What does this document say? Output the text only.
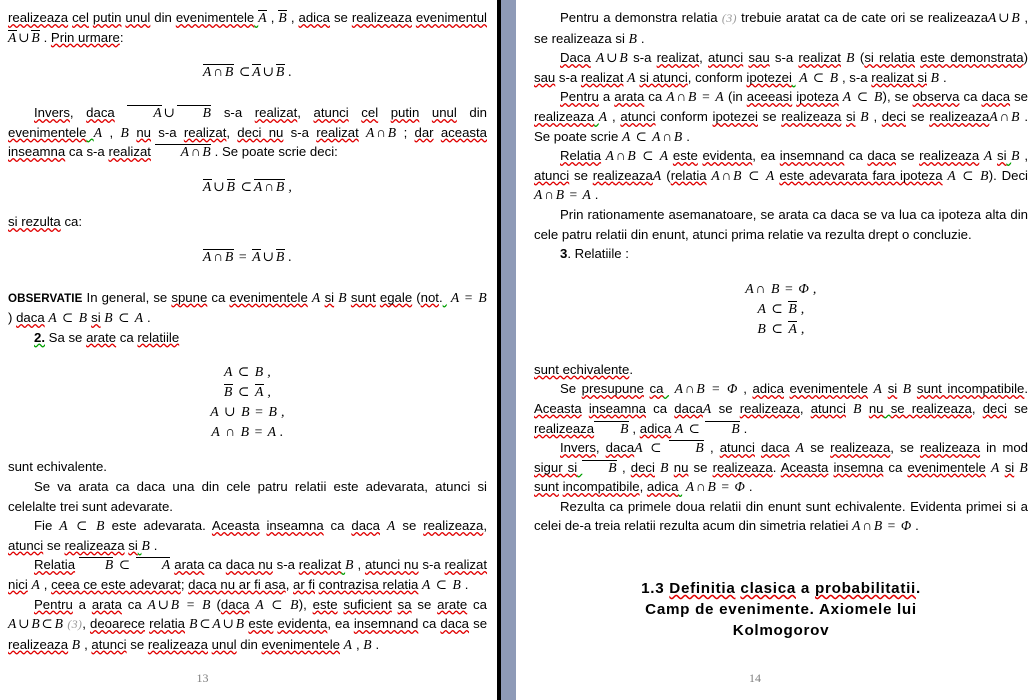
realizeaza cel putin unul din evenimentele A , B , adica se realizeaza evenimentul A ∪ B . Prin urmare:

A ∩ B ⊂ A ∪ B .

Invers, daca	A ∪ B s-a realizat, atunci cel putin unul din evenimentele A , B nu s-a realizat, deci nu s-a realizat A ∩ B ; dar aceasta inseamna ca s-a realizat A ∩ B . Se poate scrie deci:

A ∪ B ⊂ A ∩ B ,

si rezulta ca:

A ∩ B = A ∪ B .

OBSERVATIE In general, se spune ca evenimentele A si B sunt egale (not. A = B ) daca A ⊂ B si B ⊂ A .

2. Sa se arate ca relatiile

A ⊂ B ,
B ⊂ A ,
A ∪ B = B ,
A ∩ B = A .

sunt echivalente.

Se va arata ca daca una din cele patru relatii este adevarata, atunci si celelalte trei sunt adevarate.

Fie A ⊂ B este adevarata. Aceasta inseamna ca daca A se realizeaza, atunci se realizeaza si B .

Relatia B ⊂ A arata ca daca nu s-a realizat B , atunci nu s-a realizat nici A , ceea ce este adevarat; daca nu ar fi asa, ar fi contrazisa relatia A ⊂ B .

Pentru a arata ca A ∪ B = B (daca A ⊂ B), este suficient sa se arate ca A ∪ B ⊂ B (3), deoarece relatia B ⊂ A ∪ B este evidenta, ea insemnand ca daca se realizeaza B , atunci se realizeaza unul din evenimentele A , B .

13

Pentru a demonstra relatia (3) trebuie aratat ca de cate ori se realizeazaA ∪ B , se realizeaza si B .

Daca A ∪ B s-a realizat, atunci sau s-a realizat B (si relatia este demonstrata) sau s-a realizat A si atunci, conform ipotezei A ⊂ B , s-a realizat si B .

Pentru a arata ca A ∩ B = A (in aceeasi ipoteza A ⊂ B), se observa ca daca se realizeaza A , atunci conform ipotezei se realizeaza si B , deci se realizeazaA ∩ B . Se poate scrie A ⊂ A ∩ B .

Relatia A ∩ B ⊂ A este evidenta, ea insemnand ca daca se realizeaza A si B , atunci se realizeazaA (relatia A ∩ B ⊂ A este adevarata fara ipoteza A ⊂ B). Deci A ∩ B = A .

Prin rationamente asemanatoare, se arata ca daca se va lua ca ipoteza alta din cele patru relatii din enunt, atunci prima relatie va rezulta drept o concluzie.

3. Relatiile :

A ∩ B = Φ ,
A ⊂ B ,
B ⊂ A ,

sunt echivalente.

Se presupune ca A ∩ B = Φ , adica evenimentele A si B sunt incompatibile. Aceasta inseamna ca dacaA se realizeaza, atunci B nu se realizeaza, deci se realizeaza B , adica A ⊂ B .

Invers, dacaA ⊂ B , atunci daca A se realizeaza, se realizeaza in mod sigur si B , deci B nu se realizeaza. Aceasta insemna ca evenimentele A si B sunt incompatibile, adica A ∩ B = Φ .

Rezulta ca primele doua relatii din enunt sunt echivalente. Evidenta primei si a celei de-a treia relatii rezulta acum din simetria relatiei A ∩ B = Φ .

1.3 Definitia clasica a probabilitatii.
Camp de evenimente. Axiomele lui
Kolmogorov
14
